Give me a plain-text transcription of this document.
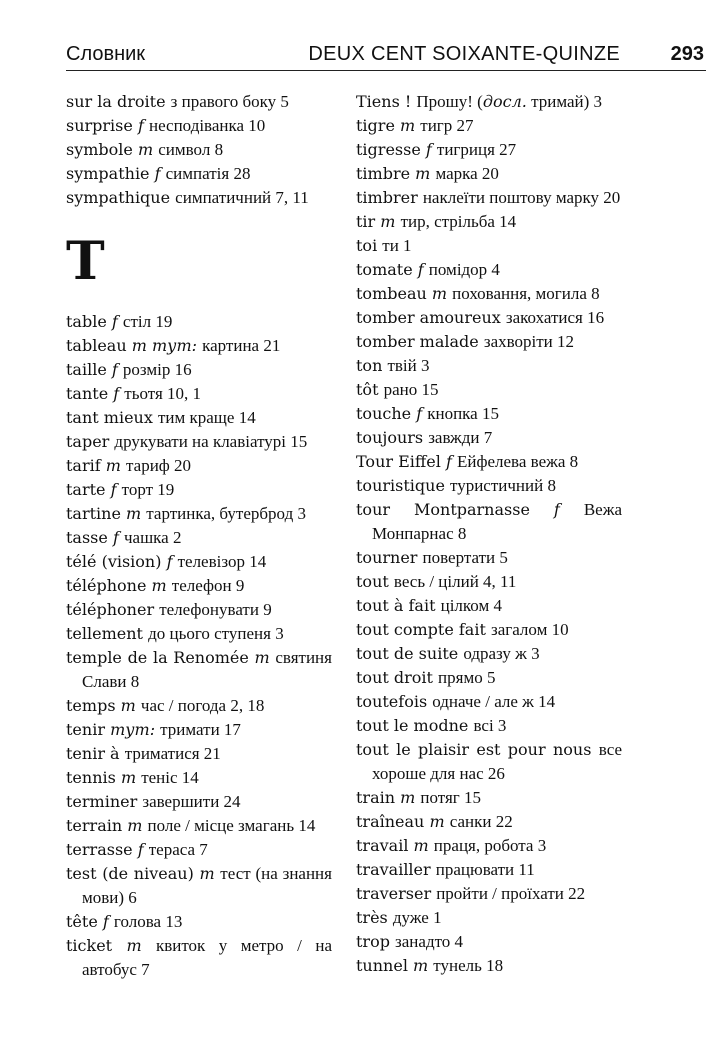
Словник	DEUX CENT SOIXANTE-QUINZE	293
sur la droite з правого боку 5
surprise f несподіванка 10
symbole m символ 8
sympathie f симпатія 28
sympathique симпатичний 7, 11
T
table f стіл 19
tableau m тут: картина 21
taille f розмір 16
tante f тьотя 10, 1
tant mieux тим краще 14
taper друкувати на клавіатурі 15
tarif m тариф 20
tarte f торт 19
tartine m тартинка, бутерброд 3
tasse f чашка 2
télé (vision) f телевізор 14
téléphone m телефон 9
téléphoner телефонувати 9
tellement до цього ступеня 3
temple de la Renomée m святиня Слави 8
temps m час / погода 2, 18
tenir тут: тримати 17
tenir à триматися 21
tennis m теніс 14
terminer завершити 24
terrain m поле / місце змагань 14
terrasse f тераса 7
test (de niveau) m тест (на знання мови) 6
tête f голова 13
ticket m квиток у метро / на автобус 7
Tiens ! Прошу! (досл. тримай) 3
tigre m тигр 27
tigresse f тигриця 27
timbre m марка 20
timbrer наклеїти поштову марку 20
tir m тир, стрільба 14
toi ти 1
tomate f помідор 4
tombeau m поховання, могила 8
tomber amoureux закохатися 16
tomber malade захворіти 12
ton твій 3
tôt рано 15
touche f кнопка 15
toujours завжди 7
Tour Eiffel f Ейфелева вежа 8
touristique туристичний 8
tour Montparnasse f Вежа Монпарнас 8
tourner повертати 5
tout весь / цілий 4, 11
tout à fait цілком 4
tout compte fait загалом 10
tout de suite одразу ж 3
tout droit прямо 5
toutefois одначе / але ж 14
tout le modne всі 3
tout le plaisir est pour nous все хороше для нас 26
train m потяг 15
traîneau m санки 22
travail m праця, робота 3
travailler працювати 11
traverser пройти / проїхати 22
très дуже 1
trop занадто 4
tunnel m тунель 18
